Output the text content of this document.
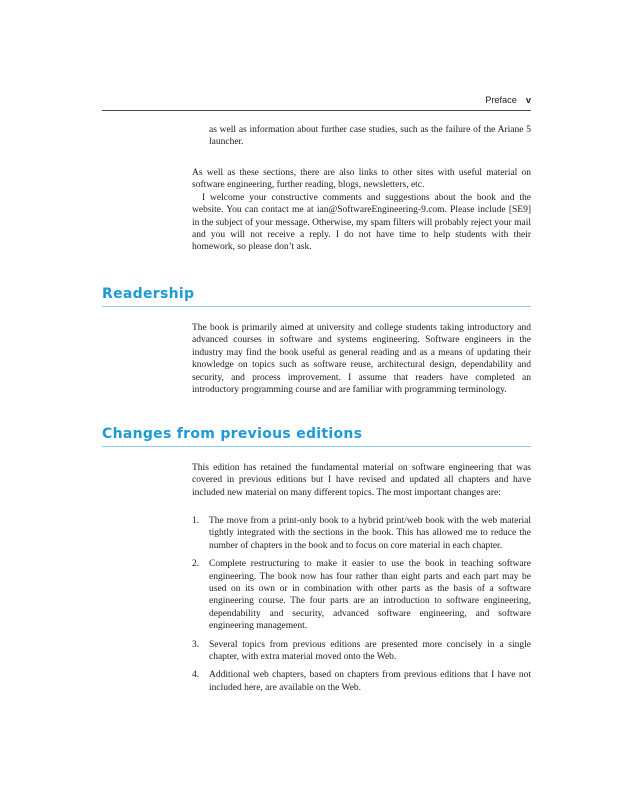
Preface v

as well as information about further case studies, such as the failure of the Ariane 5 launcher.

As well as these sections, there are also links to other sites with useful material on software engineering, further reading, blogs, newsletters, etc.

I welcome your constructive comments and suggestions about the book and the website. You can contact me at ian@SoftwareEngineering-9.com. Please include [SE9] in the subject of your message. Otherwise, my spam filters will probably reject your mail and you will not receive a reply. I do not have time to help students with their homework, so please don’t ask.

Readership

The book is primarily aimed at university and college students taking introductory and advanced courses in software and systems engineering. Software engineers in the industry may find the book useful as general reading and as a means of updating their knowledge on topics such as software reuse, architectural design, dependability and security, and process improvement. I assume that readers have completed an introductory programming course and are familiar with programming terminology.

Changes from previous editions

This edition has retained the fundamental material on software engineering that was covered in previous editions but I have revised and updated all chapters and have included new material on many different topics. The most important changes are:

1. The move from a print-only book to a hybrid print/web book with the web material tightly integrated with the sections in the book. This has allowed me to reduce the number of chapters in the book and to focus on core material in each chapter.
2. Complete restructuring to make it easier to use the book in teaching software engineering. The book now has four rather than eight parts and each part may be used on its own or in combination with other parts as the basis of a software engineering course. The four parts are an introduction to software engineering, dependability and security, advanced software engineering, and software engineering management.
3. Several topics from previous editions are presented more concisely in a single chapter, with extra material moved onto the Web.
4. Additional web chapters, based on chapters from previous editions that I have not included here, are available on the Web.
